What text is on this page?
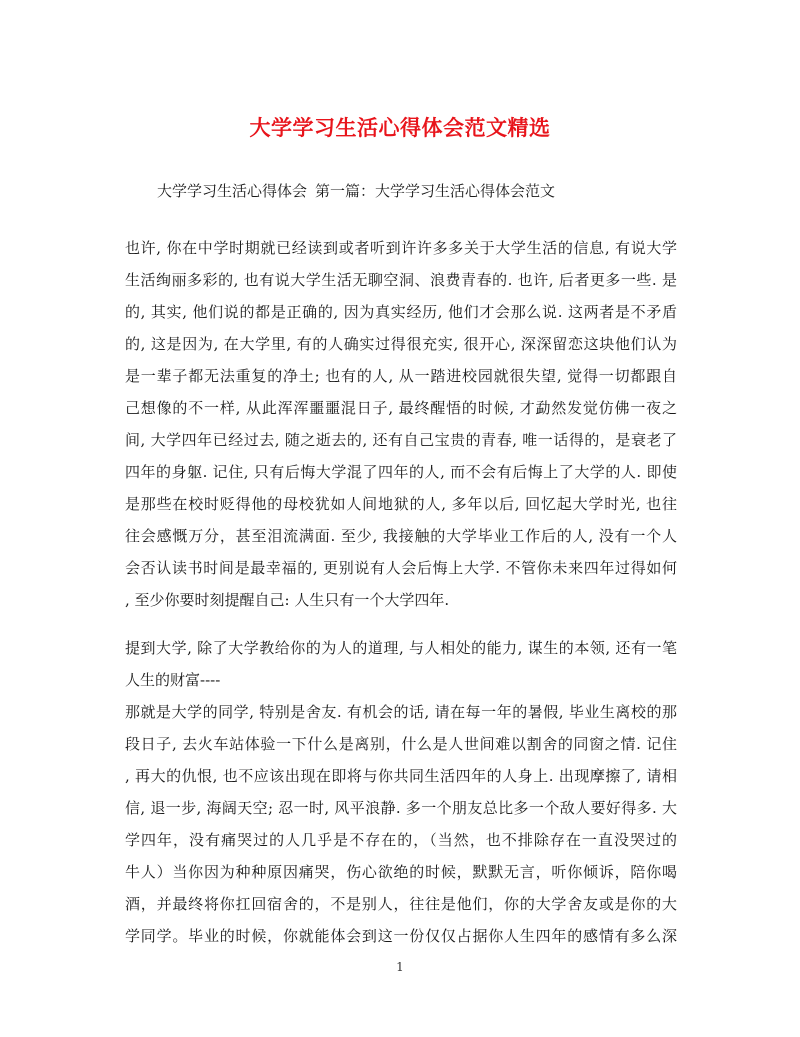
大学学习生活心得体会范文精选
大学学习生活心得体会 第一篇：大学学习生活心得体会范文
也许, 你在中学时期就已经读到或者听到许许多多关于大学生活的信息, 有说大学
生活绚丽多彩的, 也有说大学生活无聊空洞、浪费青春的. 也许, 后者更多一些. 是
的, 其实, 他们说的都是正确的, 因为真实经历, 他们才会那么说. 这两者是不矛盾
的, 这是因为, 在大学里, 有的人确实过得很充实, 很开心, 深深留恋这块他们认为
是一辈子都无法重复的净土; 也有的人, 从一踏进校园就很失望, 觉得一切都跟自
己想像的不一样, 从此浑浑噩噩混日子, 最终醒悟的时候, 才勐然发觉仿佛一夜之
间, 大学四年已经过去, 随之逝去的, 还有自己宝贵的青春, 唯一话得的，是衰老了
四年的身躯. 记住, 只有后悔大学混了四年的人, 而不会有后悔上了大学的人. 即使
是那些在校时贬得他的母校犹如人间地狱的人, 多年以后, 回忆起大学时光, 也往
往会感慨万分，甚至泪流满面. 至少, 我接触的大学毕业工作后的人, 没有一个人
会否认读书时间是最幸福的, 更别说有人会后悔上大学. 不管你未来四年过得如何
, 至少你要时刻提醒自己: 人生只有一个大学四年.
提到大学, 除了大学教给你的为人的道理, 与人相处的能力, 谋生的本领, 还有一笔
人生的财富----
那就是大学的同学, 特别是舍友. 有机会的话, 请在每一年的暑假, 毕业生离校的那
段日子, 去火车站体验一下什么是离别，什么是人世间难以割舍的同窗之情. 记住
, 再大的仇恨, 也不应该出现在即将与你共同生活四年的人身上. 出现摩擦了, 请相
信, 退一步, 海阔天空; 忍一时, 风平浪静. 多一个朋友总比多一个敌人要好得多. 大
学四年，没有痛哭过的人几乎是不存在的，（当然，也不排除存在一直没哭过的
牛人）当你因为种种原因痛哭，伤心欲绝的时候，默默无言，听你倾诉，陪你喝
酒，并最终将你扛回宿舍的，不是别人，往往是他们，你的大学舍友或是你的大
学同学。毕业的时候，你就能体会到这一份仅仅占据你人生四年的感情有多么深
1
